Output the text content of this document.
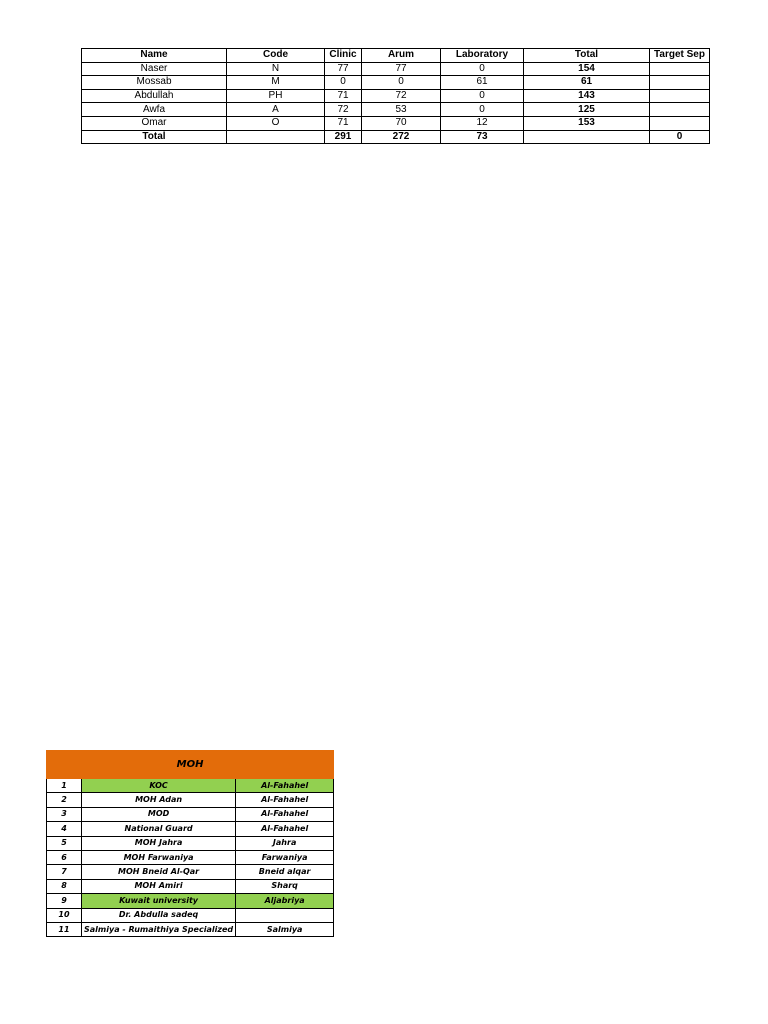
Name	Code	Clinic	Arum	Laboratory	Total	Target Sep
Naser	N	77	77	0	154	
Mossab	M	0	0	61	61	
Abdullah	PH	71	72	0	143	
Awfa	A	72	53	0	125	
Omar	O	71	70	12	153	
Total		291	272	73		0
MOH		
1	KOC	Al-Fahahel
2	MOH Adan	Al-Fahahel
3	MOD	Al-Fahahel
4	National Guard	Al-Fahahel
5	MOH Jahra	Jahra
6	MOH Farwaniya	Farwaniya
7	MOH Bneid Al-Qar	Bneid alqar
8	MOH Amiri	Sharq
9	Kuwait university	Aljabriya
10	Dr. Abdulla sadeq	
11	Salmiya - Rumaithiya Specialized	Salmiya
